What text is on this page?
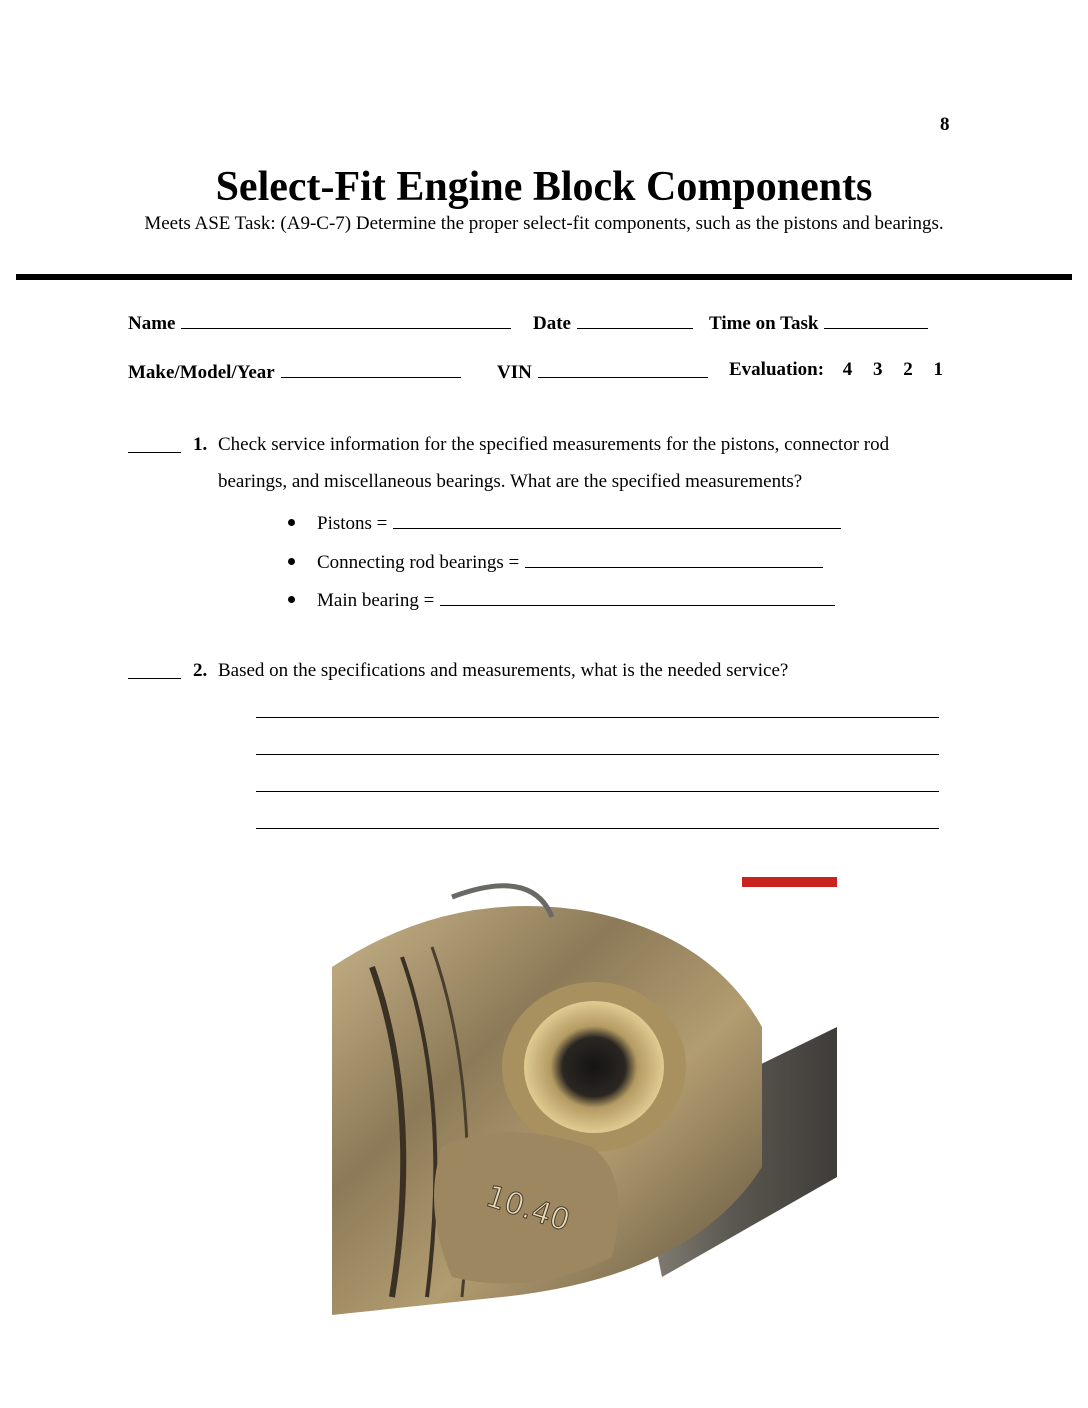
8
Select-Fit Engine Block Components
Meets ASE Task: (A9-C-7) Determine the proper select-fit components, such as the pistons and bearings.
Name	Date	Time on Task
Make/Model/Year	VIN	Evaluation: 4 3 2 1
1. Check service information for the specified measurements for the pistons, connector rod bearings, and miscellaneous bearings. What are the specified measurements?
Pistons =
Connecting rod bearings =
Main bearing =
2. Based on the specifications and measurements, what is the needed service?
10.40
